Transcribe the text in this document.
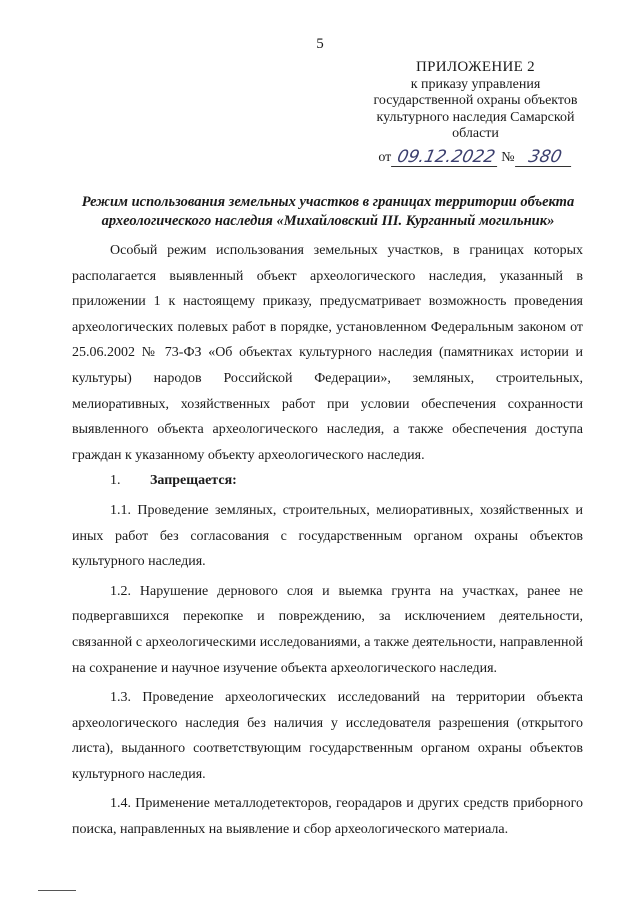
5
ПРИЛОЖЕНИЕ 2
к приказу управления
государственной охраны объектов
культурного наследия Самарской
области
от 09.12.2022 № 380
Режим использования земельных участков в границах территории объекта
археологического наследия «Михайловский III. Курганный могильник»

Особый режим использования земельных участков, в границах которых располагается выявленный объект археологического наследия, указанный в приложении 1 к настоящему приказу, предусматривает возможность проведения археологических полевых работ в порядке, установленном Федеральным законом от 25.06.2002 № 73-ФЗ «Об объектах культурного наследия (памятниках истории и культуры) народов Российской Федерации», земляных, строительных, мелиоративных, хозяйственных работ при условии обеспечения сохранности выявленного объекта археологического наследия, а также обеспечения доступа граждан к указанному объекту археологического наследия.

1. Запрещается:

1.1. Проведение земляных, строительных, мелиоративных, хозяйственных и иных работ без согласования с государственным органом охраны объектов культурного наследия.

1.2. Нарушение дернового слоя и выемка грунта на участках, ранее не подвергавшихся перекопке и повреждению, за исключением деятельности, связанной с археологическими исследованиями, а также деятельности, направленной на сохранение и научное изучение объекта археологического наследия.

1.3. Проведение археологических исследований на территории объекта археологического наследия без наличия у исследователя разрешения (открытого листа), выданного соответствующим государственным органом охраны объектов культурного наследия.

1.4. Применение металлодетекторов, георадаров и других средств приборного поиска, направленных на выявление и сбор археологического материала.
